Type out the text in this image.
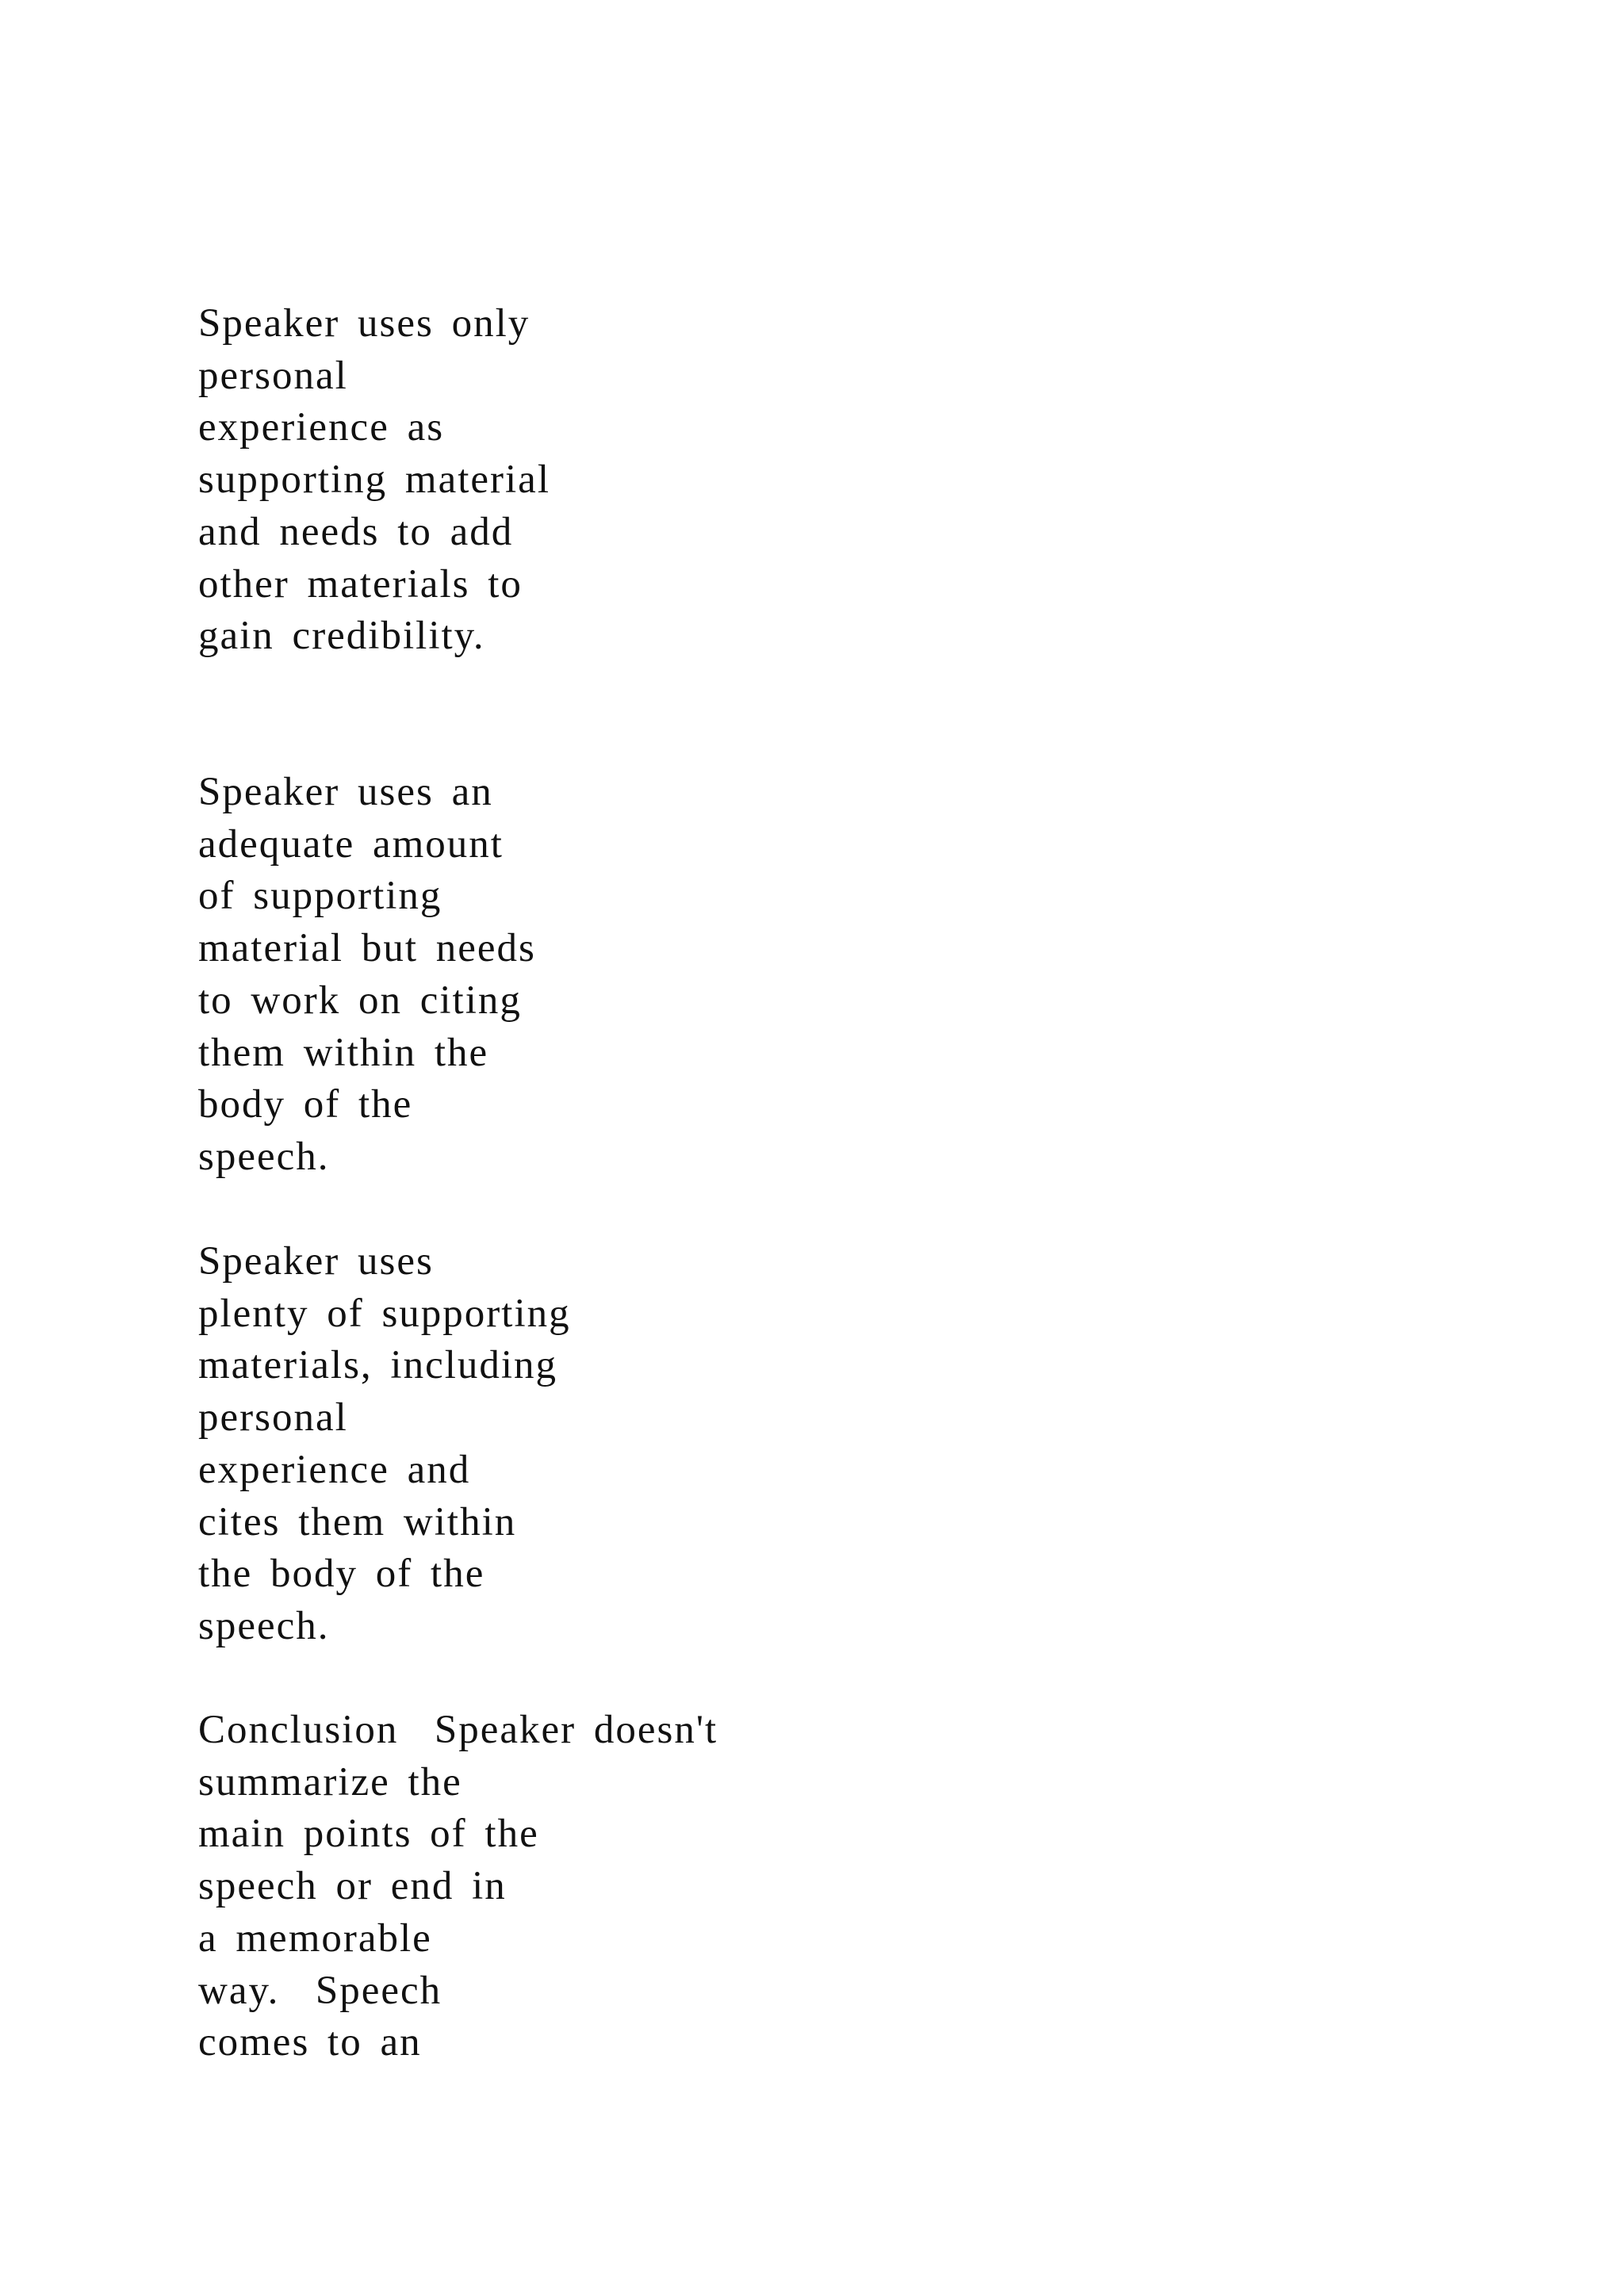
Speaker uses only
personal
experience as
supporting material
and needs to add
other materials to
gain credibility.

Speaker uses an
adequate amount
of supporting
material but needs
to work on citing
them within the
body of the
speech.

Speaker uses
plenty of supporting
materials, including
personal
experience and
cites them within
the body of the
speech.

Conclusion  Speaker doesn't
summarize the
main points of the
speech or end in
a memorable
way.  Speech
comes to an
